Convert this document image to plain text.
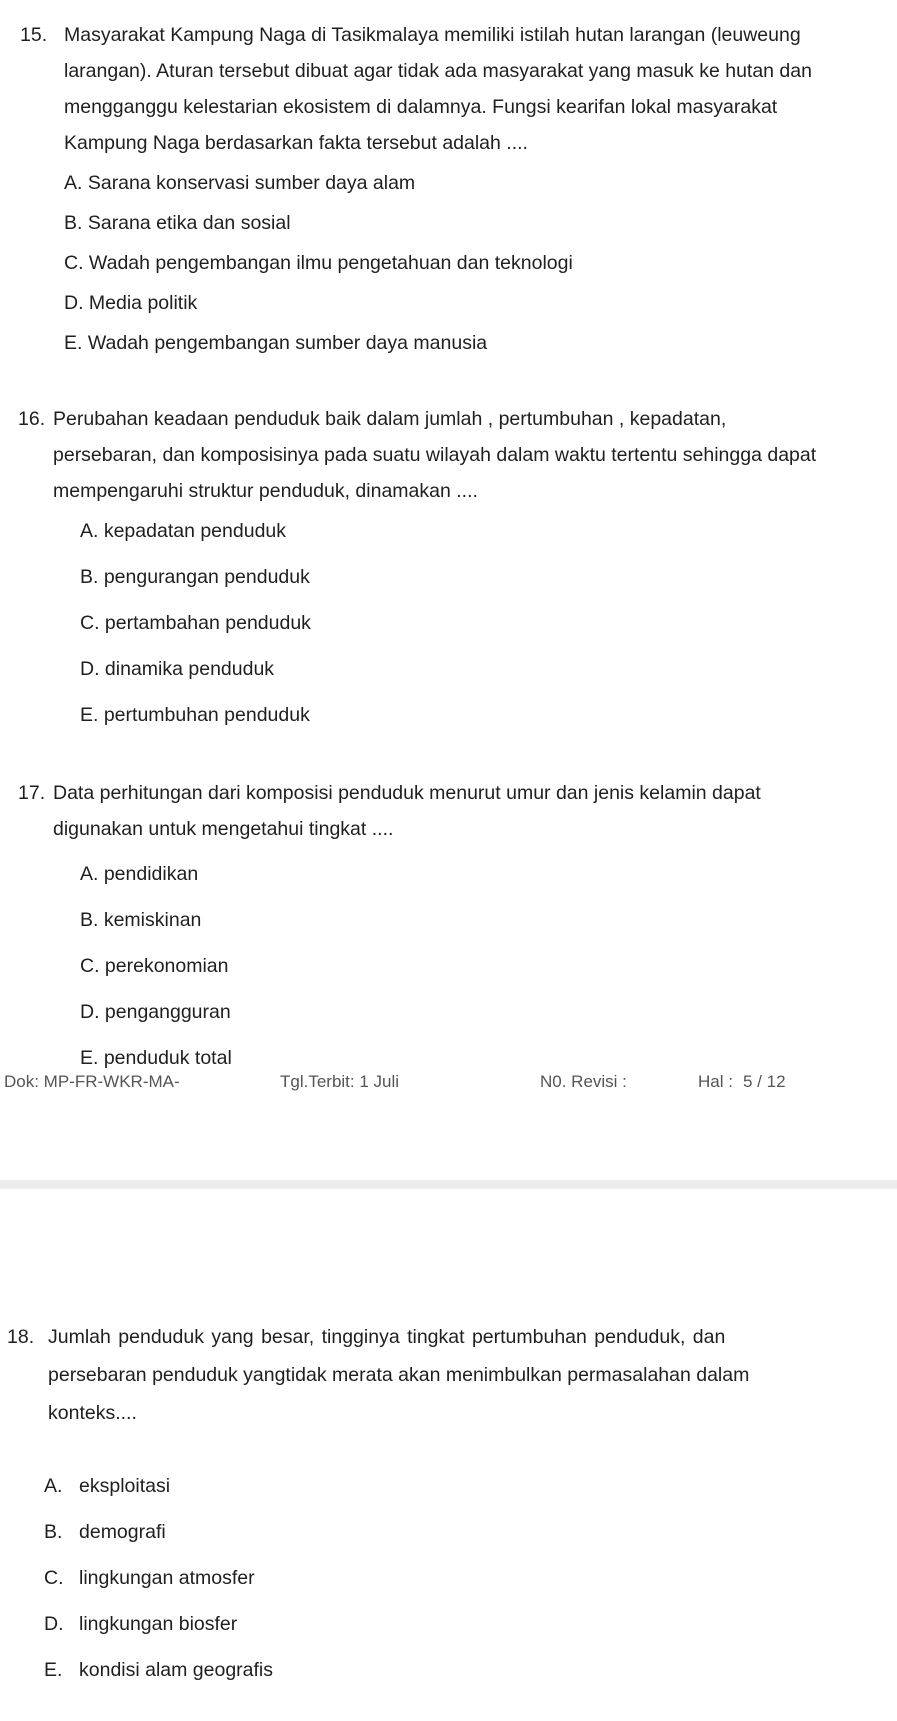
15. Masyarakat Kampung Naga di Tasikmalaya memiliki istilah hutan larangan (leuweung
larangan). Aturan tersebut dibuat agar tidak ada masyarakat yang masuk ke hutan dan
mengganggu kelestarian ekosistem di dalamnya. Fungsi kearifan lokal masyarakat
Kampung Naga berdasarkan fakta tersebut adalah ....
A. Sarana konservasi sumber daya alam
B. Sarana etika dan sosial
C. Wadah pengembangan ilmu pengetahuan dan teknologi
D. Media politik
E. Wadah pengembangan sumber daya manusia
16. Perubahan keadaan penduduk baik dalam jumlah , pertumbuhan , kepadatan,
persebaran, dan komposisinya pada suatu wilayah dalam waktu tertentu sehingga dapat
mempengaruhi struktur penduduk, dinamakan ....
A. kepadatan penduduk
B. pengurangan penduduk
C. pertambahan penduduk
D. dinamika penduduk
E. pertumbuhan penduduk
17. Data perhitungan dari komposisi penduduk menurut umur dan jenis kelamin dapat
digunakan untuk mengetahui tingkat ....
A. pendidikan
B. kemiskinan
C. perekonomian
D. pengangguran
E. penduduk total
Dok: MP-FR-WKR-MA-	Tgl.Terbit: 1 Juli	N0. Revisi :	Hal : 5 / 12
18. Jumlah penduduk yang besar, tingginya tingkat pertumbuhan penduduk, dan
persebaran penduduk yangtidak merata akan menimbulkan permasalahan dalam
konteks....
A. eksploitasi
B. demografi
C. lingkungan atmosfer
D. lingkungan biosfer
E. kondisi alam geografis
